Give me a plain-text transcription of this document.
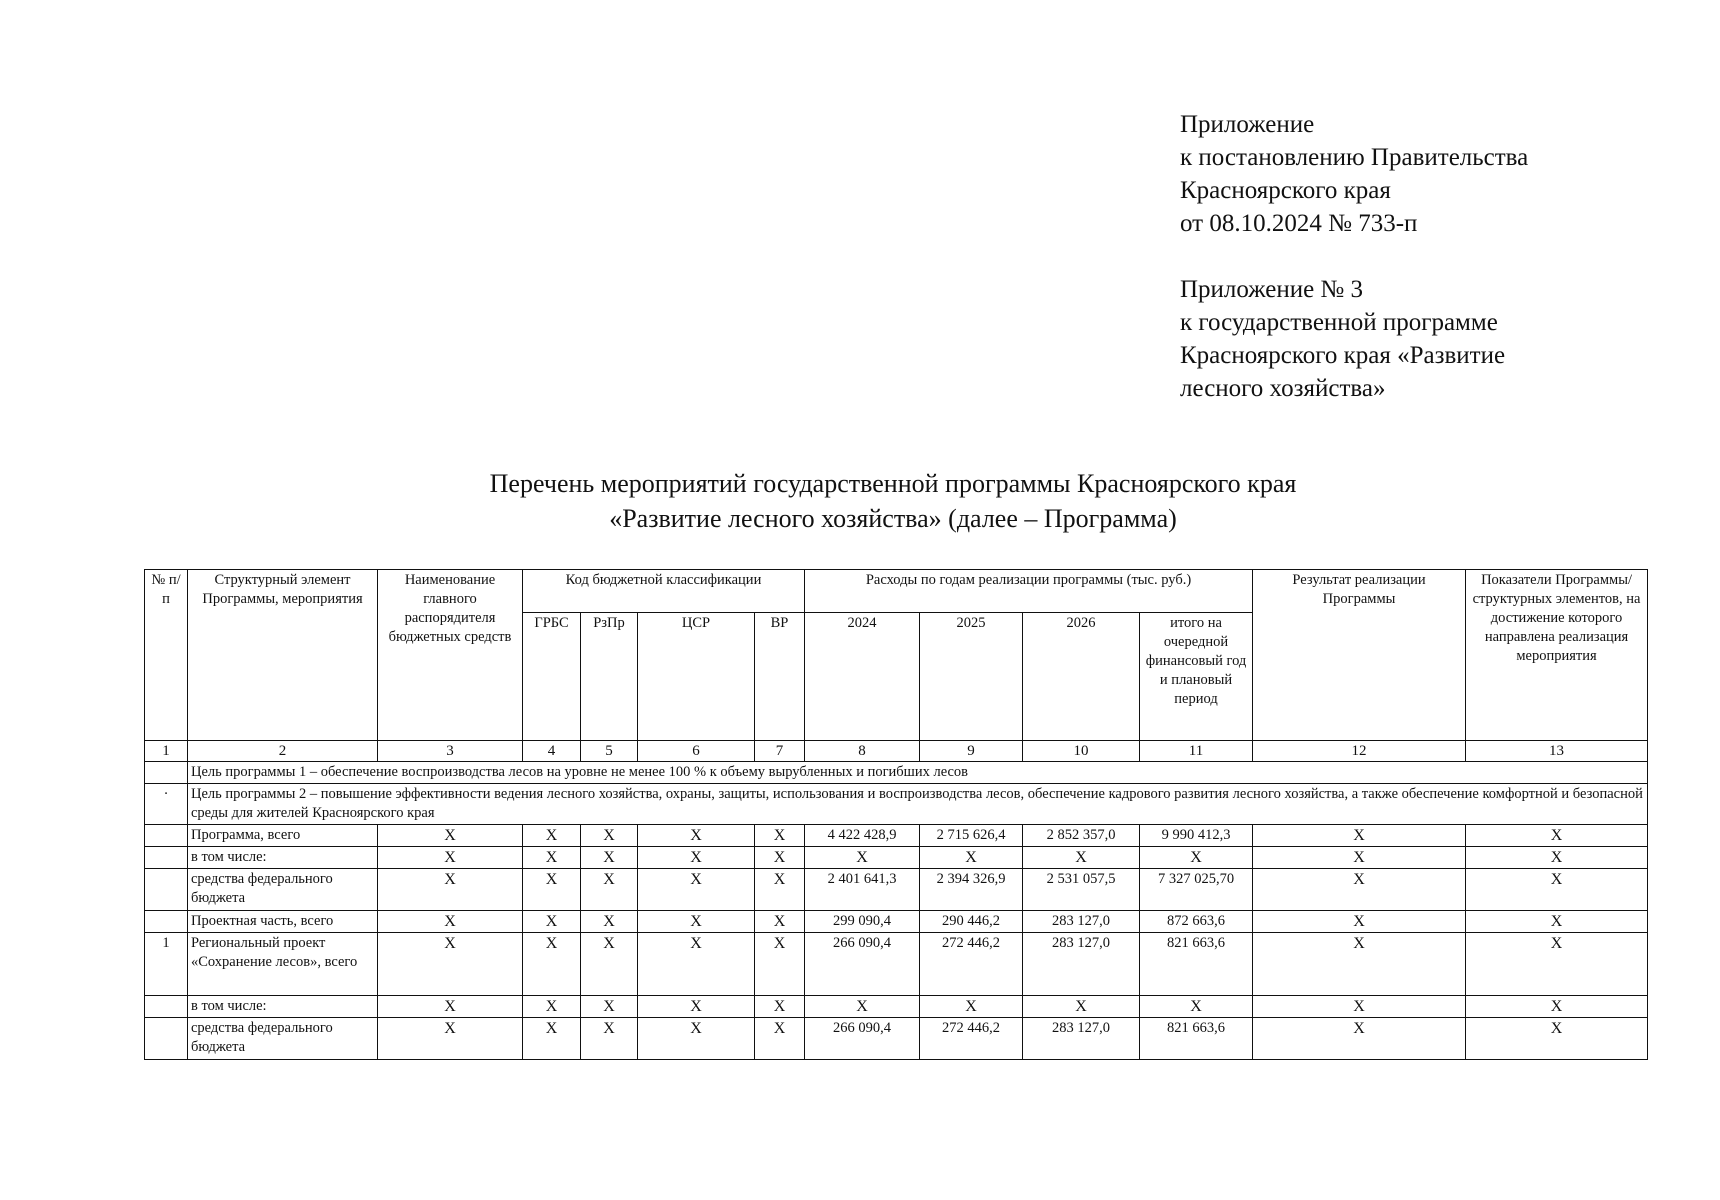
Приложение
к постановлению Правительства
Красноярского края
от 08.10.2024 № 733-п
Приложение № 3
к государственной программе
Красноярского края «Развитие
лесного хозяйства»
Перечень мероприятий государственной программы Красноярского края
«Развитие лесного хозяйства» (далее – Программа)
№ п/п	Структурный элемент Программы, мероприятия	Наименование главного распорядителя бюджетных средств	Код бюджетной классификации				Расходы по годам реализации программы (тыс. руб.)				Результат реализации Программы	Показатели Программы/ структурных элементов, на достижение которого направлена реализация мероприятия
			ГРБС	РзПр	ЦСР	ВР	2024	2025	2026	итого на очередной финансовый год и плановый период		
1	2	3	4	5	6	7	8	9	10	11	12	13
	Цель программы 1 – обеспечение воспроизводства лесов на уровне не менее 100 % к объему вырубленных и погибших лесов											
·	Цель программы 2 – повышение эффективности ведения лесного хозяйства, охраны, защиты, использования и воспроизводства лесов, обеспечение кадрового развития лесного хозяйства, а также обеспечение комфортной и безопасной среды для жителей Красноярского края											
	Программа, всего	X	X	X	X	X	4 422 428,9	2 715 626,4	2 852 357,0	9 990 412,3	X	X
	в том числе:	X	X	X	X	X	X	X	X	X	X	X
	средства федерального бюджета	X	X	X	X	X	2 401 641,3	2 394 326,9	2 531 057,5	7 327 025,70	X	X
	Проектная часть, всего	X	X	X	X	X	299 090,4	290 446,2	283 127,0	872 663,6	X	X
1	Региональный проект «Сохранение лесов», всего	X	X	X	X	X	266 090,4	272 446,2	283 127,0	821 663,6	X	X
	в том числе:	X	X	X	X	X	X	X	X	X	X	X
	средства федерального бюджета	X	X	X	X	X	266 090,4	272 446,2	283 127,0	821 663,6	X	X
